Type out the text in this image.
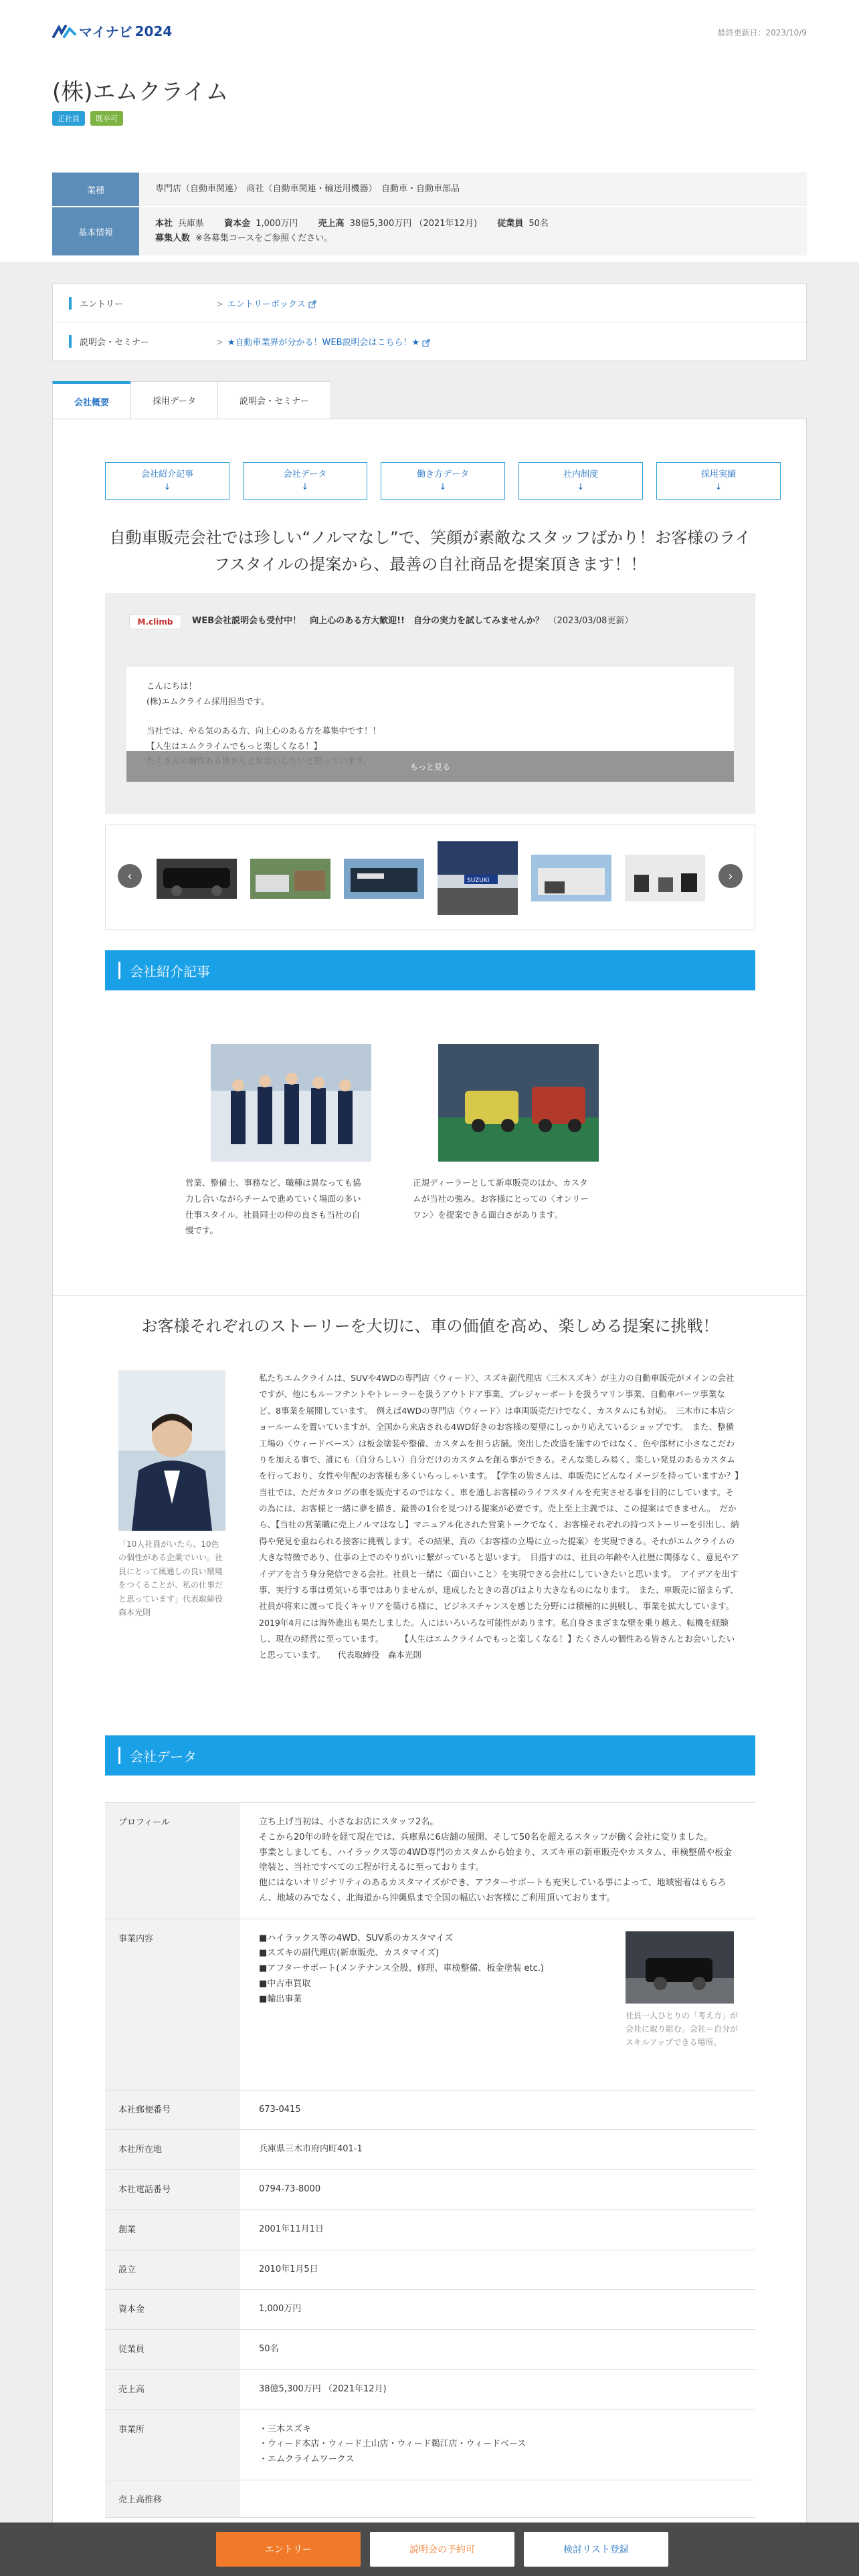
マイナビ 2024	最終更新日：2023/10/9
(株)エムクライム
正社員	既卒可
業種	専門店（自動車関連）　商社（自動車関連・輸送用機器）　自動車・自動車部品
基本情報
本社 兵庫県 資本金 1,000万円 売上高 38億5,300万円 （2021年12月) 従業員 50名
募集人数 ※各募集コースをご参照ください。
エントリー	> エントリーボックス
説明会・セミナー	> ★自動車業界が分かる！WEB説明会はこちら！★
会社概要	採用データ	説明会・セミナー
会社紹介記事
↓
会社データ
↓
働き方データ
↓
社内制度
↓
採用実績
↓
自動車販売会社では珍しい“ノルマなし”で、笑顔が素敵なスタッフばかり！お客様のライフスタイルの提案から、最善の自社商品を提案頂きます！！
M.climb	WEB会社説明会も受付中！　向上心のある方大歓迎!!　自分の実力を試してみませんか？　 （2023/03/08更新）
こんにちは！
(株)エムクライム採用担当です。
当社では、やる気のある方、向上心のある方を募集中です！！
【人生はエムクライムでもっと楽しくなる！】
もっと見る
‹	SUZUKI	›
会社紹介記事

営業、整備士、事務など、職種は異なっても協力し合いながらチームで進めていく場面の多い仕事スタイル。社員同士の仲の良さも当社の自慢です。

正規ディーラーとして新車販売のほか、カスタムが当社の強み。お客様にとっての〈オンリーワン〉を提案できる面白さがあります。

お客様それぞれのストーリーを大切に、車の価値を高め、楽しめる提案に挑戦！
「10人社員がいたら、10色の個性がある企業でいい。社員にとって風通しの良い環境をつくることが、私の仕事だと思っています」代表取締役　森本光則
私たちエムクライムは、SUVや4WDの専門店〈ウィード〉、スズキ副代理店〈三木スズキ〉が主力の自動車販売がメインの会社ですが、他にもルーフテントやトレーラーを扱うアウトドア事業、プレジャーボートを扱うマリン事業、自動車パーツ事業など、8事業を展開しています。　例えば4WDの専門店〈ウィード〉は車両販売だけでなく、カスタムにも対応。　三木市に本店ショールームを置いていますが、全国から来店される4WD好きのお客様の要望にしっかり応えているショップです。　また、整備工場の〈ウィードベース〉は板金塗装や整備、カスタムを担う店舗。突出した改造を施すのではなく、色や部材に小さなこだわりを加える事で、誰にも（自分らしい）自分だけのカスタムを創る事ができる。そんな楽しみ易く、楽しい発見のあるカスタムを行っており、女性や年配のお客様も多くいらっしゃいます。　【学生の皆さんは、車販売にどんなイメージを持っていますか？】　当社では、ただカタログの車を販売するのではなく、車を通しお客様のライフスタイルを充実させる事を目的にしています。その為には、お客様と一緒に夢を描き、最善の1台を見つける提案が必要です。売上至上主義では、この提案はできません。　だから、【当社の営業職に売上ノルマはなし】マニュアル化された営業トークでなく、お客様それぞれの持つストーリーを引出し、納得や発見を重ねられる接客に挑戦します。その結果、真の〈お客様の立場に立った提案〉を実現できる。それがエムクライムの大きな特徴であり、仕事の上でのやりがいに繋がっていると思います。　目指すのは、社員の年齢や入社歴に関係なく、意見やアイデアを言う身分発信できる会社。社員と一緒に〈面白いこと〉を実現できる会社にしていきたいと思います。　アイデアを出す事、実行する事は勇気いる事ではありませんが、達成したときの喜びはより大きなものになります。　また、車販売に留まらず、社員が将来に渡って長くキャリアを築ける様に、ビジネスチャンスを感じた分野には積極的に挑戦し、事業を拡大しています。　2019年4月には海外進出も果たしました。人にはいろいろな可能性があります。私自身さまざまな壁を乗り越え、転機を経験し、現在の経営に至っています。　　　【人生はエムクライムでもっと楽しくなる！】たくさんの個性ある皆さんとお会いしたいと思っています。　　代表取締役　森本光則
会社データ
プロフィール	立ち上げ当初は、小さなお店にスタッフ2名。
そこから20年の時を経て現在では、兵庫県に6店舗の展開、そして50名を超えるスタッフが働く会社に変りました。
事業としましても、ハイラックス等の4WD専門のカスタムから始まり、スズキ車の新車販売やカスタム、車検整備や板金塗装と、当社ですべての工程が行えるに至っております。
他にはないオリジナリティのあるカスタマイズができ、アフターサポートも充実している事によって、地域密着はもちろん、地域のみでなく、北海道から沖縄県まで全国の幅広いお客様にご利用頂いております。
事業内容	■ハイラックス等の4WD、SUV系のカスタマイズ
■スズキの副代理店(新車販売、カスタマイズ)
■アフターサポート(メンテナンス全般、修理、車検整備、板金塗装 etc.)
■中古車買取
■輸出事業
社員一人ひとりの「考え方」が会社に取り組む。会社＝自分がスキルアップできる場所。
本社郵便番号	673-0415
本社所在地	兵庫県三木市府内町401-1
本社電話番号	0794-73-8000
創業	2001年11月1日
設立	2010年1月5日
資本金	1,000万円
従業員	50名
売上高	38億5,300万円 （2021年12月)
事業所	・三木スズキ
・ウィード本店・ウィード土山店・ウィード鵜江店・ウィードベース
・エムクライムワークス
売上高推移
エントリー	説明会の予約可	検討リスト登録
